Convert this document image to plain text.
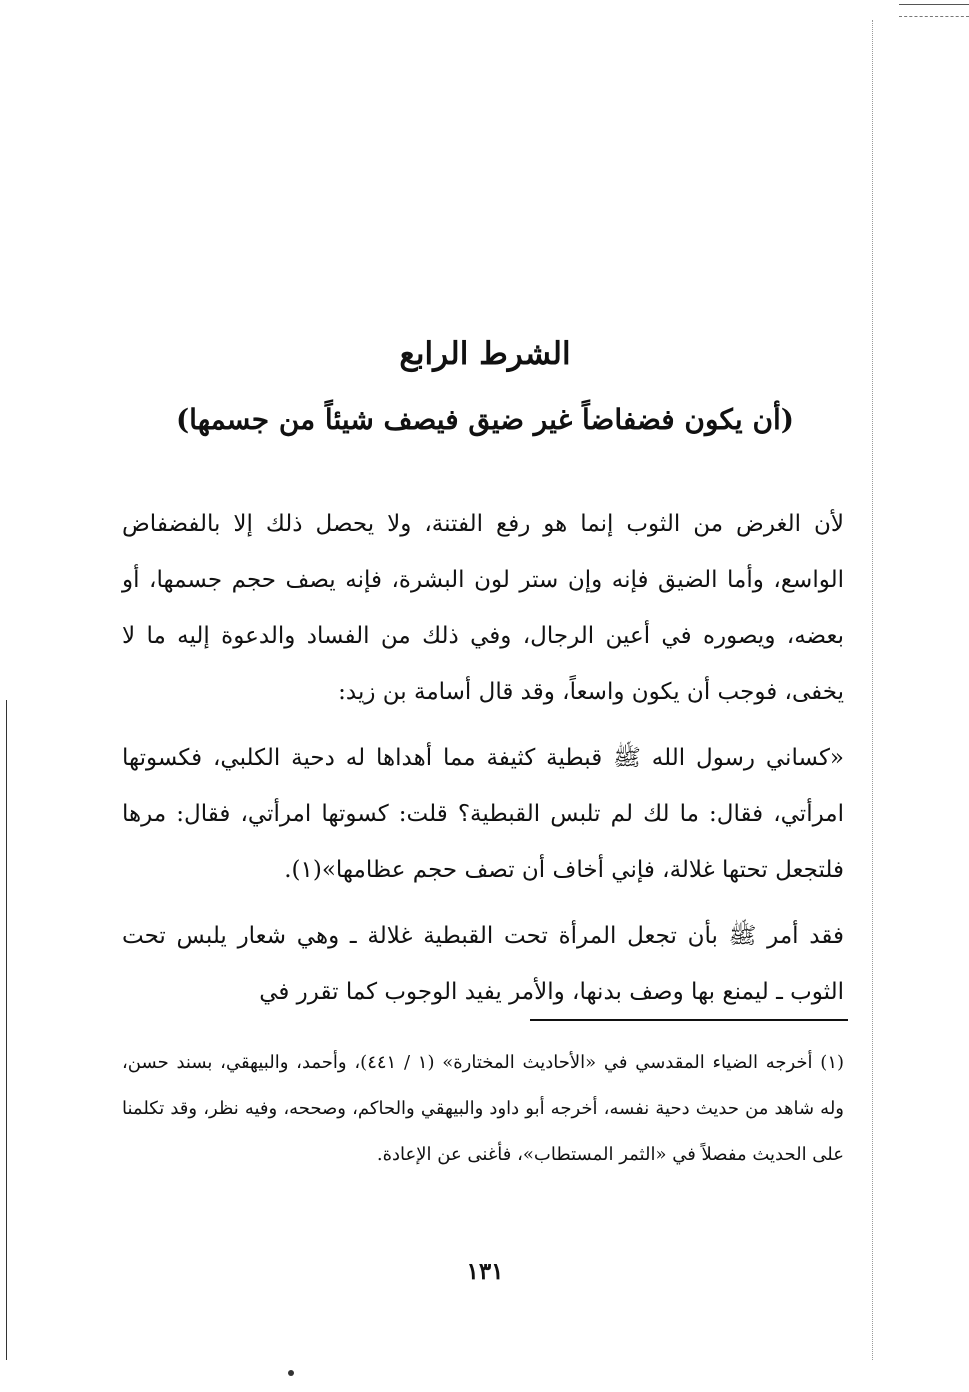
الشرط الرابع
(أن يكون فضفاضاً غير ضيق فيصف شيئاً من جسمها)

لأن الغرض من الثوب إنما هو رفع الفتنة، ولا يحصل ذلك إلا بالفضفاض الواسع، وأما الضيق فإنه وإن ستر لون البشرة، فإنه يصف حجم جسمها، أو بعضه، ويصوره في أعين الرجال، وفي ذلك من الفساد والدعوة إليه ما لا يخفى، فوجب أن يكون واسعاً، وقد قال أسامة بن زيد:

«كساني رسول الله ﷺ قبطية كثيفة مما أهداها له دحية الكلبي، فكسوتها امرأتي، فقال: ما لك لم تلبس القبطية؟ قلت: كسوتها امرأتي، فقال: مرها فلتجعل تحتها غلالة، فإني أخاف أن تصف حجم عظامها»(١).

فقد أمر ﷺ بأن تجعل المرأة تحت القبطية غلالة ـ وهي شعار يلبس تحت الثوب ـ ليمنع بها وصف بدنها، والأمر يفيد الوجوب كما تقرر في

(١) أخرجه الضياء المقدسي في «الأحاديث المختارة» (١ / ٤٤١)، وأحمد، والبيهقي، بسند حسن، وله شاهد من حديث دحية نفسه، أخرجه أبو داود والبيهقي والحاكم، وصححه، وفيه نظر، وقد تكلمنا على الحديث مفصلاً في «الثمر المستطاب»، فأغنى عن الإعادة.

١٣١
